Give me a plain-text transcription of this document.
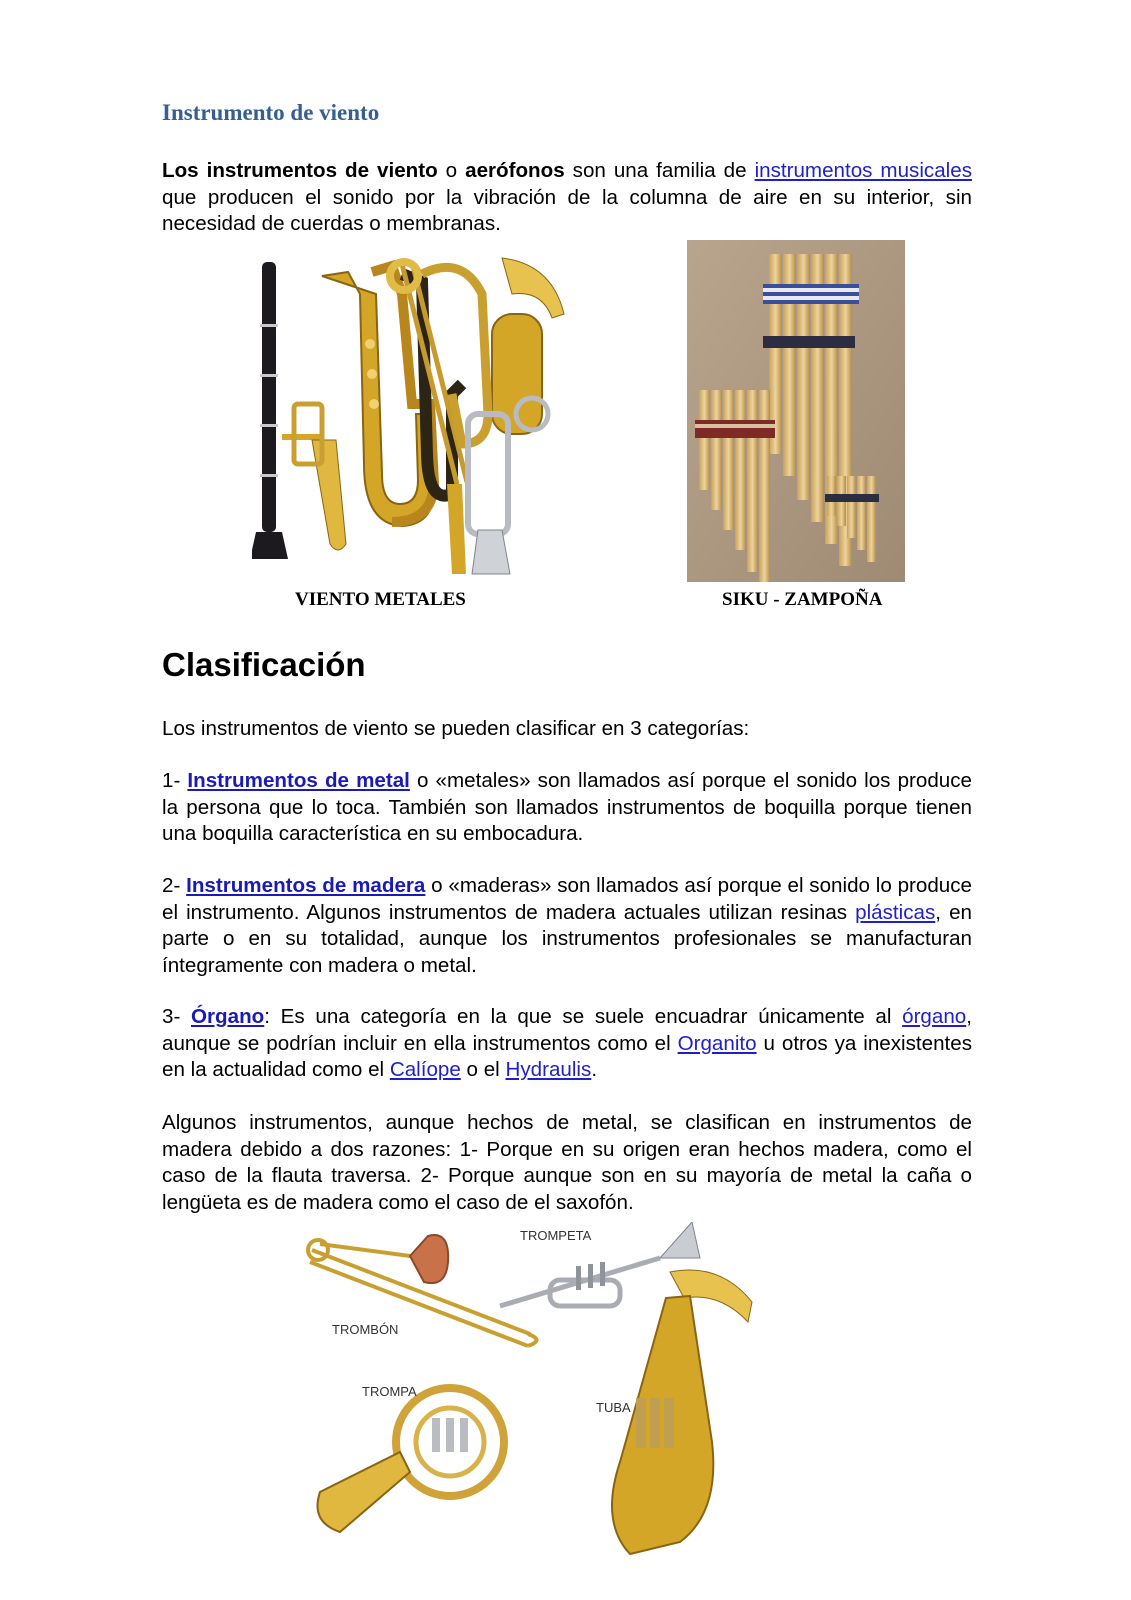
Instrumento de viento

Los instrumentos de viento o aerófonos son una familia de instrumentos musicales que producen el sonido por la vibración de la columna de aire en su interior, sin necesidad de cuerdas o membranas.

VIENTO METALES	SIKU - ZAMPOÑA
Clasificación

Los instrumentos de viento se pueden clasificar en 3 categorías:

1- Instrumentos de metal o «metales» son llamados así porque el sonido los produce la persona que lo toca. También son llamados instrumentos de boquilla porque tienen una boquilla característica en su embocadura.

2- Instrumentos de madera o «maderas» son llamados así porque el sonido lo produce el instrumento. Algunos instrumentos de madera actuales utilizan resinas plásticas, en parte o en su totalidad, aunque los instrumentos profesionales se manufacturan íntegramente con madera o metal.

3- Órgano: Es una categoría en la que se suele encuadrar únicamente al órgano, aunque se podrían incluir en ella instrumentos como el Organito u otros ya inexistentes en la actualidad como el Calíope o el Hydraulis.

Algunos instrumentos, aunque hechos de metal, se clasifican en instrumentos de madera debido a dos razones: 1- Porque en su origen eran hechos madera, como el caso de la flauta traversa. 2- Porque aunque son en su mayoría de metal la caña o lengüeta es de madera como el caso de el saxofón.

TROMBÓN
TROMPETA
TROMPA
TUBA
